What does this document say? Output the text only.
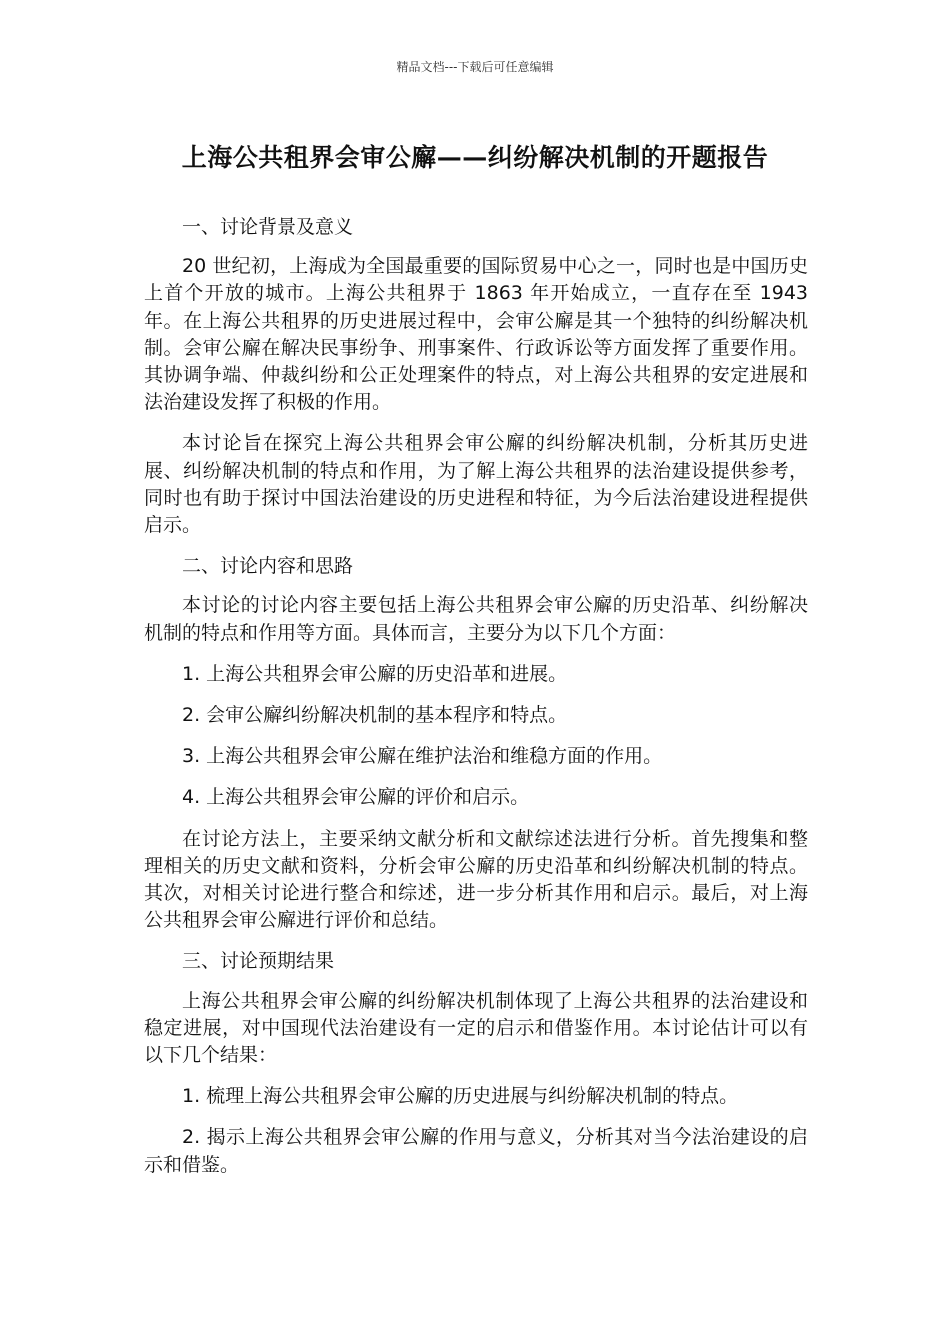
精品文档---下载后可任意编辑
上海公共租界会审公廨——纠纷解决机制的开题报告

一、讨论背景及意义

20 世纪初，上海成为全国最重要的国际贸易中心之一，同时也是中国历史上首个开放的城市。上海公共租界于 1863 年开始成立，一直存在至 1943 年。在上海公共租界的历史进展过程中，会审公廨是其一个独特的纠纷解决机制。会审公廨在解决民事纷争、刑事案件、行政诉讼等方面发挥了重要作用。其协调争端、仲裁纠纷和公正处理案件的特点，对上海公共租界的安定进展和法治建设发挥了积极的作用。

本讨论旨在探究上海公共租界会审公廨的纠纷解决机制，分析其历史进展、纠纷解决机制的特点和作用，为了解上海公共租界的法治建设提供参考，同时也有助于探讨中国法治建设的历史进程和特征，为今后法治建设进程提供启示。

二、讨论内容和思路

本讨论的讨论内容主要包括上海公共租界会审公廨的历史沿革、纠纷解决机制的特点和作用等方面。具体而言，主要分为以下几个方面：

1. 上海公共租界会审公廨的历史沿革和进展。

2. 会审公廨纠纷解决机制的基本程序和特点。

3. 上海公共租界会审公廨在维护法治和维稳方面的作用。

4. 上海公共租界会审公廨的评价和启示。

在讨论方法上，主要采纳文献分析和文献综述法进行分析。首先搜集和整理相关的历史文献和资料，分析会审公廨的历史沿革和纠纷解决机制的特点。其次，对相关讨论进行整合和综述，进一步分析其作用和启示。最后，对上海公共租界会审公廨进行评价和总结。

三、讨论预期结果

上海公共租界会审公廨的纠纷解决机制体现了上海公共租界的法治建设和稳定进展，对中国现代法治建设有一定的启示和借鉴作用。本讨论估计可以有以下几个结果：

1. 梳理上海公共租界会审公廨的历史进展与纠纷解决机制的特点。

2. 揭示上海公共租界会审公廨的作用与意义，分析其对当今法治建设的启示和借鉴。
